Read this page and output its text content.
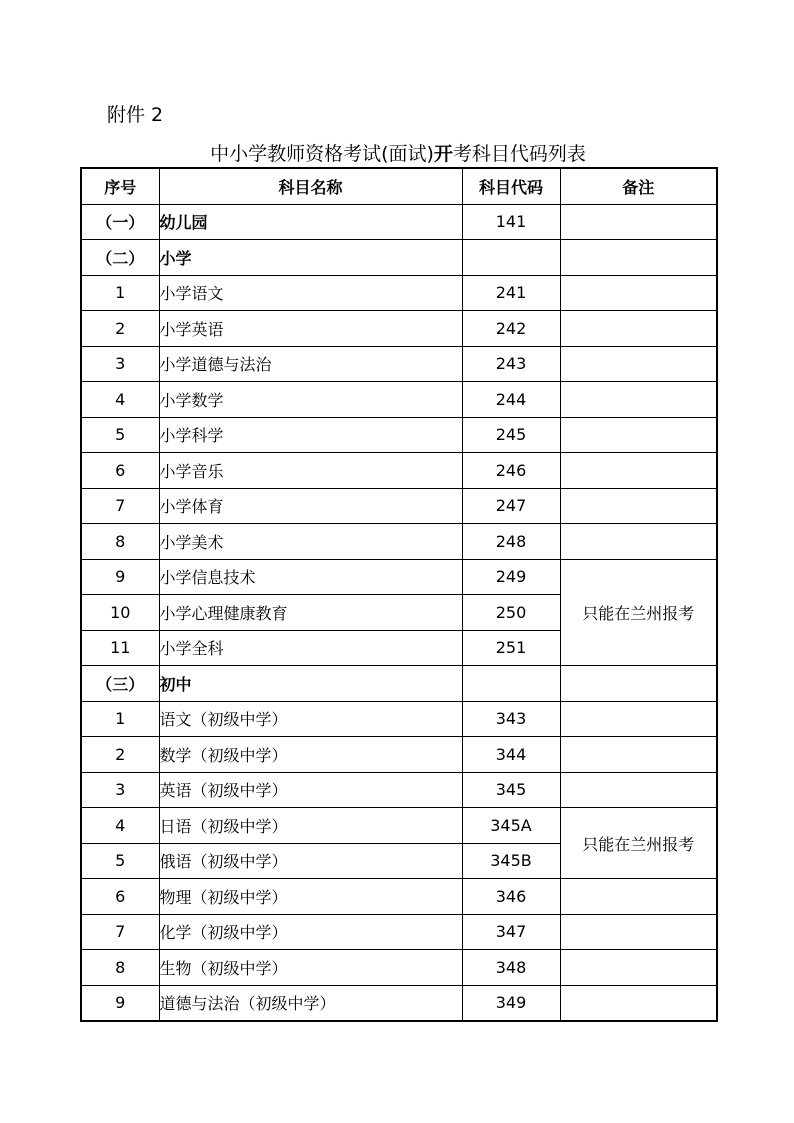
附件 2
中小学教师资格考试(面试)开考科目代码列表
序号	科目名称	科目代码	备注
（一）	幼儿园	141	
（二）	小学		
1	小学语文	241	
2	小学英语	242	
3	小学道德与法治	243	
4	小学数学	244	
5	小学科学	245	
6	小学音乐	246	
7	小学体育	247	
8	小学美术	248	
9	小学信息技术	249	只能在兰州报考
10	小学心理健康教育	250	
11	小学全科	251	
（三）	初中		
1	语文（初级中学）	343	
2	数学（初级中学）	344	
3	英语（初级中学）	345	
4	日语（初级中学）	345A	只能在兰州报考
5	俄语（初级中学）	345B	
6	物理（初级中学）	346	
7	化学（初级中学）	347	
8	生物（初级中学）	348	
9	道德与法治（初级中学）	349	
